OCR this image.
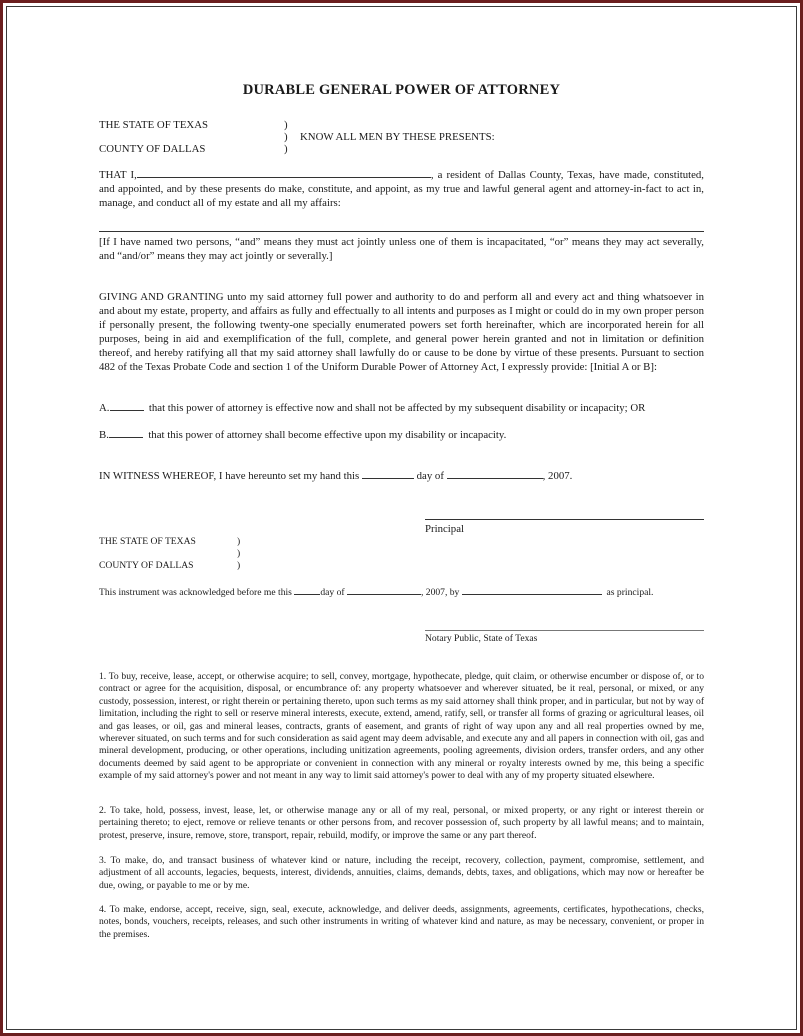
DURABLE GENERAL POWER OF ATTORNEY
THE STATE OF TEXAS	)
) KNOW ALL MEN BY THESE PRESENTS:
COUNTY OF DALLAS	)
THAT I,	, a resident of Dallas County, Texas, have made, constituted, and appointed, and by these presents do make, constitute, and appoint, as my true and lawful general agent and attorney-in-fact to act in, manage, and conduct all of my estate and all my affairs:
[If I have named two persons, “and” means they must act jointly unless one of them is incapacitated, “or” means they may act severally, and “and/or” means they may act jointly or severally.]
GIVING AND GRANTING unto my said attorney full power and authority to do and perform all and every act and thing whatsoever in and about my estate, property, and affairs as fully and effectually to all intents and purposes as I might or could do in my own proper person if personally present, the following twenty-one specially enumerated powers set forth hereinafter, which are incorporated herein for all purposes, being in aid and exemplification of the full, complete, and general power herein granted and not in limitation or definition thereof, and hereby ratifying all that my said attorney shall lawfully do or cause to be done by virtue of these presents. Pursuant to section 482 of the Texas Probate Code and section 1 of the Uniform Durable Power of Attorney Act, I expressly provide: [Initial A or B]:
A.	that this power of attorney is effective now and shall not be affected by my subsequent disability or incapacity; OR
B.	that this power of attorney shall become effective upon my disability or incapacity.
IN WITNESS WHEREOF, I have hereunto set my hand this	day of	, 2007.
Principal
THE STATE OF TEXAS	)
)
COUNTY OF DALLAS	)
This instrument was acknowledged before me this	day of	, 2007, by	as principal.
Notary Public, State of Texas
1. To buy, receive, lease, accept, or otherwise acquire; to sell, convey, mortgage, hypothecate, pledge, quit claim, or otherwise encumber or dispose of, or to contract or agree for the acquisition, disposal, or encumbrance of: any property whatsoever and wherever situated, be it real, personal, or mixed, or any custody, possession, interest, or right therein or pertaining thereto, upon such terms as my said attorney shall think proper, and in particular, but not by way of limitation, including the right to sell or reserve mineral interests, execute, extend, amend, ratify, sell, or transfer all forms of grazing or agricultural leases, oil and gas leases, or oil, gas and mineral leases, contracts, grants of easement, and grants of right of way upon any and all real properties owned by me, wherever situated, on such terms and for such consideration as said agent may deem advisable, and execute any and all papers in connection with oil, gas and mineral development, producing, or other operations, including unitization agreements, pooling agreements, division orders, transfer orders, and any other documents deemed by said agent to be appropriate or convenient in connection with any mineral or royalty interests owned by me, this being a specific example of my said attorney's power and not meant in any way to limit said attorney's power to deal with any of my property situated elsewhere.
2. To take, hold, possess, invest, lease, let, or otherwise manage any or all of my real, personal, or mixed property, or any right or interest therein or pertaining thereto; to eject, remove or relieve tenants or other persons from, and recover possession of, such property by all lawful means; and to maintain, protest, preserve, insure, remove, store, transport, repair, rebuild, modify, or improve the same or any part thereof.
3. To make, do, and transact business of whatever kind or nature, including the receipt, recovery, collection, payment, compromise, settlement, and adjustment of all accounts, legacies, bequests, interest, dividends, annuities, claims, demands, debts, taxes, and obligations, which may now or hereafter be due, owing, or payable to me or by me.
4. To make, endorse, accept, receive, sign, seal, execute, acknowledge, and deliver deeds, assignments, agreements, certificates, hypothecations, checks, notes, bonds, vouchers, receipts, releases, and such other instruments in writing of whatever kind and nature, as may be necessary, convenient, or proper in the premises.
